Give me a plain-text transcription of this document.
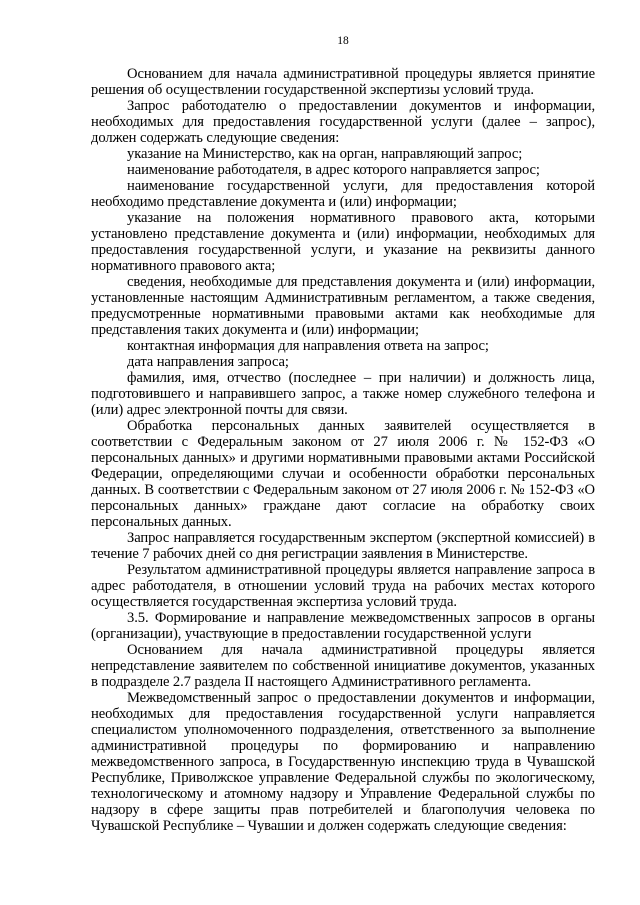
18

Основанием для начала административной процедуры является принятие решения об осуществлении государственной экспертизы условий труда.

Запрос работодателю о предоставлении документов и информации, необходимых для предоставления государственной услуги (далее – запрос), должен содержать следующие сведения:

указание на Министерство, как на орган, направляющий запрос;

наименование работодателя, в адрес которого направляется запрос;

наименование государственной услуги, для предоставления которой необходимо представление документа и (или) информации;

указание на положения нормативного правового акта, которыми установлено представление документа и (или) информации, необходимых для предоставления государственной услуги, и указание на реквизиты данного нормативного правового акта;

сведения, необходимые для представления документа и (или) информации, установленные настоящим Административным регламентом, а также сведения, предусмотренные нормативными правовыми актами как необходимые для представления таких документа и (или) информации;

контактная информация для направления ответа на запрос;

дата направления запроса;

фамилия, имя, отчество (последнее – при наличии) и должность лица, подготовившего и направившего запрос, а также номер служебного телефона и (или) адрес электронной почты для связи.

Обработка персональных данных заявителей осуществляется в соответствии с Федеральным законом от 27 июля 2006 г. № 152-ФЗ «О персональных данных» и другими нормативными правовыми актами Российской Федерации, определяющими случаи и особенности обработки персональных данных. В соответствии с Федеральным законом от 27 июля 2006 г. № 152-ФЗ «О персональных данных» граждане дают согласие на обработку своих персональных данных.

Запрос направляется государственным экспертом (экспертной комиссией) в течение 7 рабочих дней со дня регистрации заявления в Министерстве.

Результатом административной процедуры является направление запроса в адрес работодателя, в отношении условий труда на рабочих местах которого осуществляется государственная экспертиза условий труда.

3.5. Формирование и направление межведомственных запросов в органы (организации), участвующие в предоставлении государственной услуги

Основанием для начала административной процедуры является непредставление заявителем по собственной инициативе документов, указанных в подразделе 2.7 раздела II настоящего Административного регламента.

Межведомственный запрос о предоставлении документов и информации, необходимых для предоставления государственной услуги направляется специалистом уполномоченного подразделения, ответственного за выполнение административной процедуры по формированию и направлению межведомственного запроса, в Государственную инспекцию труда в Чувашской Республике, Приволжское управление Федеральной службы по экологическому, технологическому и атомному надзору и Управление Федеральной службы по надзору в сфере защиты прав потребителей и благополучия человека по Чувашской Республике – Чувашии и должен содержать следующие сведения:
